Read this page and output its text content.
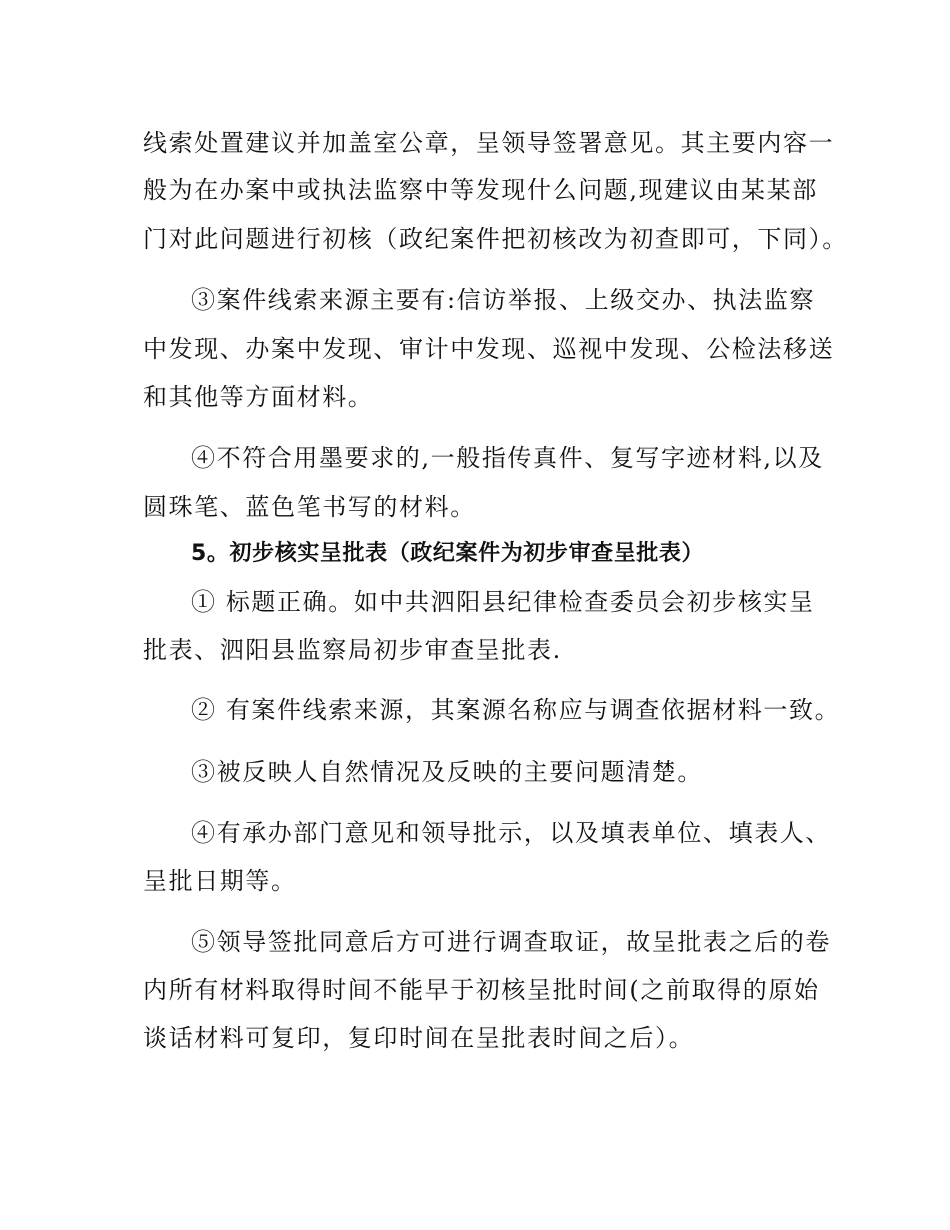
线索处置建议并加盖室公章，呈领导签署意见。其主要内容一

般为在办案中或执法监察中等发现什么问题,现建议由某某部

门对此问题进行初核（政纪案件把初核改为初查即可，下同）。

③案件线索来源主要有:信访举报、上级交办、执法监察

中发现、办案中发现、审计中发现、巡视中发现、公检法移送

和其他等方面材料。

④不符合用墨要求的,一般指传真件、复写字迹材料,以及

圆珠笔、蓝色笔书写的材料。

5。初步核实呈批表（政纪案件为初步审查呈批表）

① 标题正确。如中共泗阳县纪律检查委员会初步核实呈

批表、泗阳县监察局初步审查呈批表.

② 有案件线索来源，其案源名称应与调查依据材料一致。

③被反映人自然情况及反映的主要问题清楚。

④有承办部门意见和领导批示，以及填表单位、填表人、

呈批日期等。

⑤领导签批同意后方可进行调查取证，故呈批表之后的卷

内所有材料取得时间不能早于初核呈批时间(之前取得的原始

谈话材料可复印，复印时间在呈批表时间之后）。
